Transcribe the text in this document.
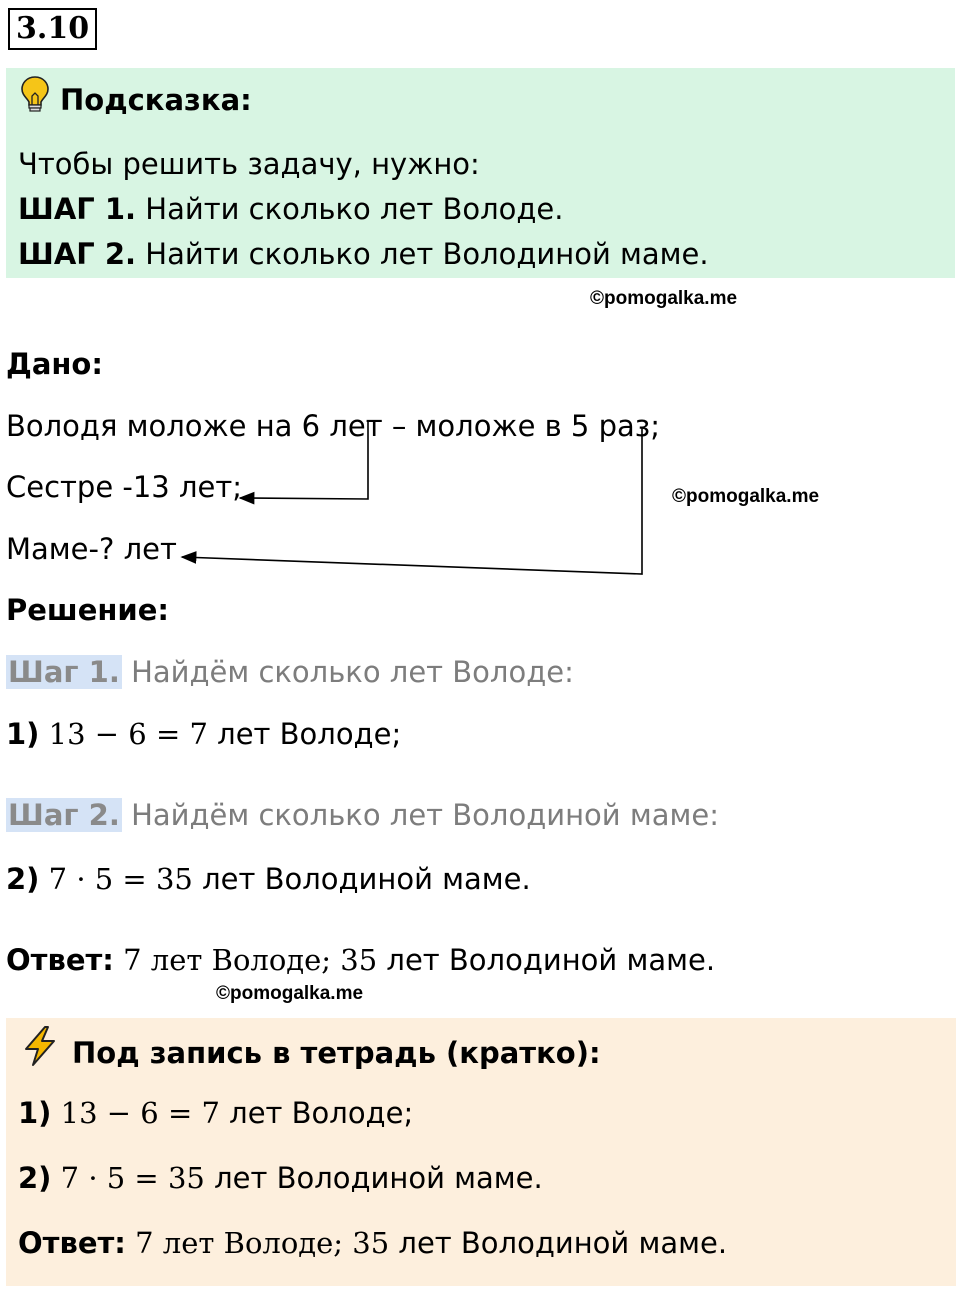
3.10
Подсказка:
Чтобы решить задачу, нужно:
ШАГ 1. Найти сколько лет Володе.
ШАГ 2. Найти сколько лет Володиной маме.
©pomogalka.me
Дано:
Володя моложе на 6 лет – моложе в 5 раз;
Сестре -13 лет;
Маме-? лет
©pomogalka.me
Решение:
Шаг 1. Найдём сколько лет Володе:
1) 13 − 6 = 7 лет Володе;
Шаг 2. Найдём сколько лет Володиной маме:
2) 7 · 5 = 35 лет Володиной маме.
Ответ: 7 лет Володе; 35 лет Володиной маме.
©pomogalka.me
Под запись в тетрадь (кратко):
1) 13 − 6 = 7 лет Володе;
2) 7 · 5 = 35 лет Володиной маме.
Ответ: 7 лет Володе; 35 лет Володиной маме.
